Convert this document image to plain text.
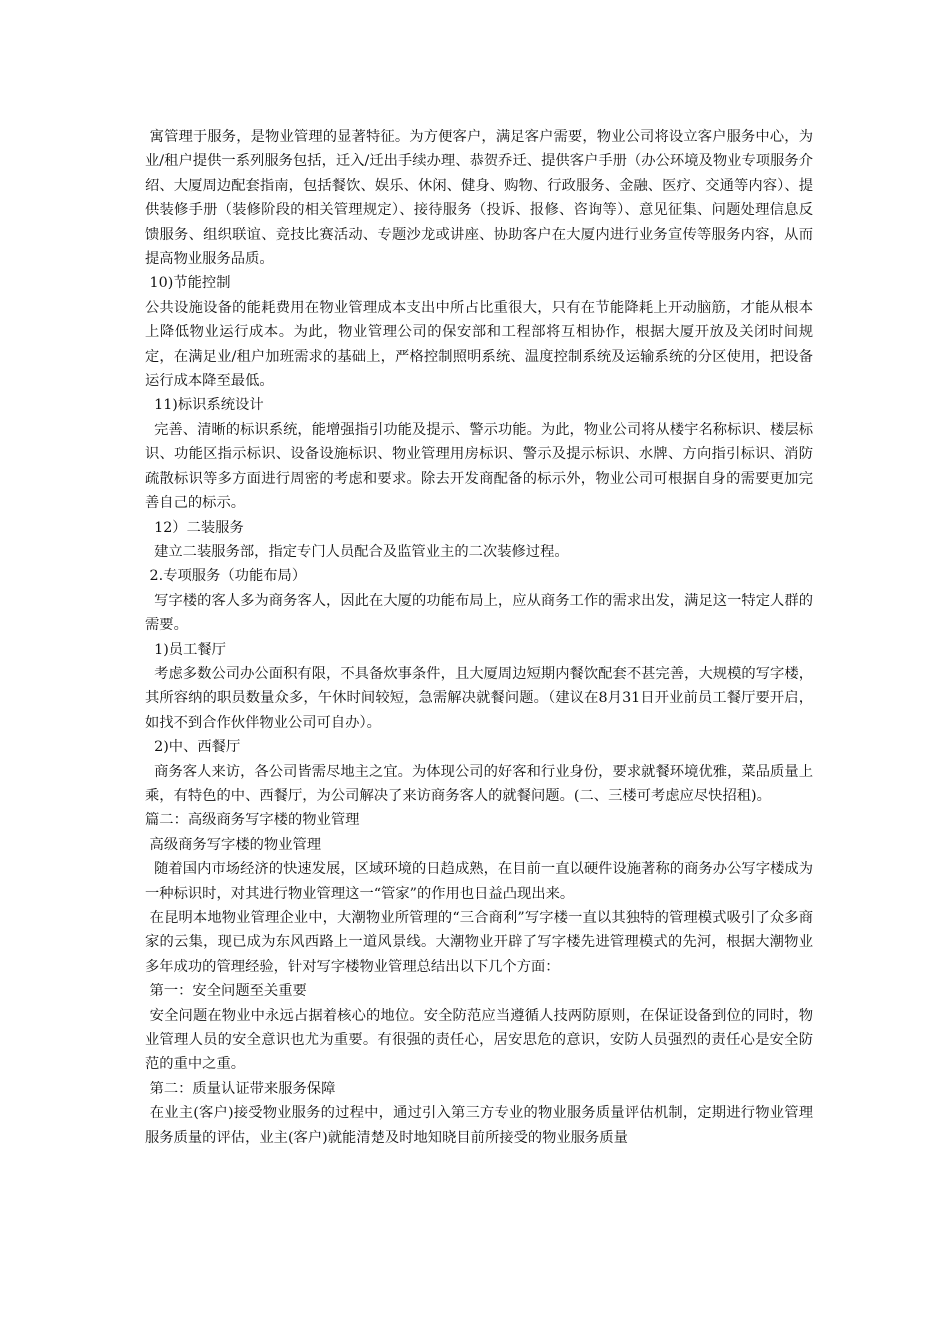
寓管理于服务，是物业管理的显著特征。为方便客户，满足客户需要，物业公司将设立客户服务中心，为业/租户提供一系列服务包括，迁入/迁出手续办理、恭贺乔迁、提供客户手册（办公环境及物业专项服务介绍、大厦周边配套指南，包括餐饮、娱乐、休闲、健身、购物、行政服务、金融、医疗、交通等内容）、提供装修手册（装修阶段的相关管理规定）、接待服务（投诉、报修、咨询等）、意见征集、问题处理信息反馈服务、组织联谊、竞技比赛活动、专题沙龙或讲座、协助客户在大厦内进行业务宣传等服务内容，从而提高物业服务品质。

10)节能控制

公共设施设备的能耗费用在物业管理成本支出中所占比重很大，只有在节能降耗上开动脑筋，才能从根本上降低物业运行成本。为此，物业管理公司的保安部和工程部将互相协作，根据大厦开放及关闭时间规定，在满足业/租户加班需求的基础上，严格控制照明系统、温度控制系统及运输系统的分区使用，把设备运行成本降至最低。

11)标识系统设计

完善、清晰的标识系统，能增强指引功能及提示、警示功能。为此，物业公司将从楼宇名称标识、楼层标识、功能区指示标识、设备设施标识、物业管理用房标识、警示及提示标识、水牌、方向指引标识、消防疏散标识等多方面进行周密的考虑和要求。除去开发商配备的标示外，物业公司可根据自身的需要更加完善自己的标示。

12）二装服务

建立二装服务部，指定专门人员配合及监管业主的二次装修过程。

2.专项服务（功能布局）

写字楼的客人多为商务客人，因此在大厦的功能布局上，应从商务工作的需求出发，满足这一特定人群的需要。

1)员工餐厅

考虑多数公司办公面积有限，不具备炊事条件，且大厦周边短期内餐饮配套不甚完善，大规模的写字楼，其所容纳的职员数量众多，午休时间较短，急需解决就餐问题。（建议在8月31日开业前员工餐厅要开启，如找不到合作伙伴物业公司可自办）。

2)中、西餐厅

商务客人来访，各公司皆需尽地主之宜。为体现公司的好客和行业身份，要求就餐环境优雅，菜品质量上乘，有特色的中、西餐厅，为公司解决了来访商务客人的就餐问题。(二、三楼可考虑应尽快招租)。

篇二：高级商务写字楼的物业管理

高级商务写字楼的物业管理

随着国内市场经济的快速发展，区域环境的日趋成熟，在目前一直以硬件设施著称的商务办公写字楼成为一种标识时，对其进行物业管理这一“管家”的作用也日益凸现出来。

在昆明本地物业管理企业中，大潮物业所管理的“三合商利”写字楼一直以其独特的管理模式吸引了众多商家的云集，现已成为东风西路上一道风景线。大潮物业开辟了写字楼先进管理模式的先河，根据大潮物业多年成功的管理经验，针对写字楼物业管理总结出以下几个方面：

第一：安全问题至关重要

安全问题在物业中永远占据着核心的地位。安全防范应当遵循人技两防原则，在保证设备到位的同时，物业管理人员的安全意识也尤为重要。有很强的责任心，居安思危的意识，安防人员强烈的责任心是安全防范的重中之重。

第二：质量认证带来服务保障

在业主(客户)接受物业服务的过程中，通过引入第三方专业的物业服务质量评估机制，定期进行物业管理服务质量的评估，业主(客户)就能清楚及时地知晓目前所接受的物业服务质量
